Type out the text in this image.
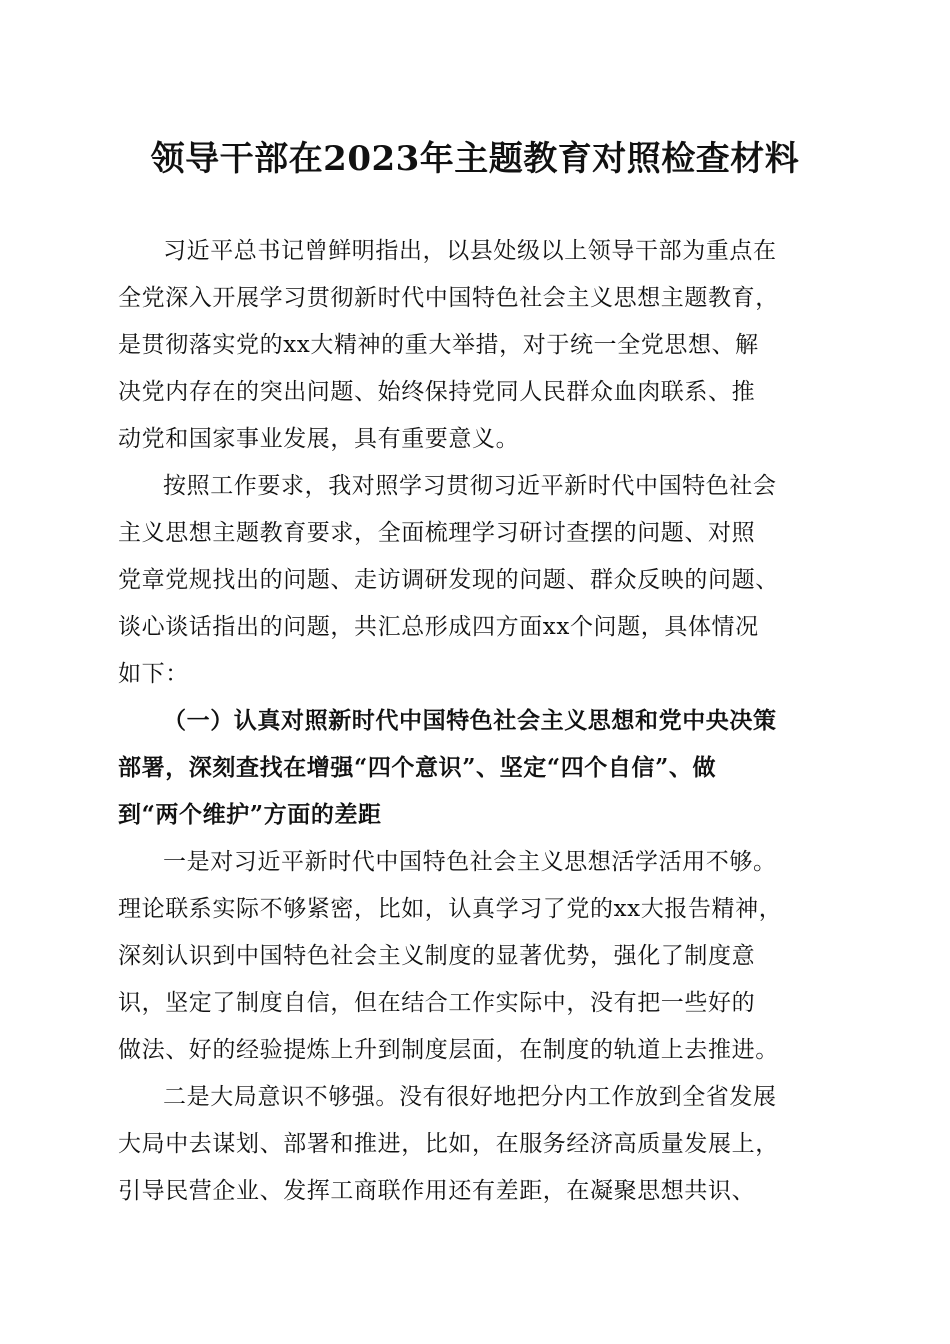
领导干部在2023年主题教育对照检查材料
习近平总书记曾鲜明指出，以县处级以上领导干部为重点在
全党深入开展学习贯彻新时代中国特色社会主义思想主题教育，
是贯彻落实党的xx大精神的重大举措，对于统一全党思想、解
决党内存在的突出问题、始终保持党同人民群众血肉联系、推
动党和国家事业发展，具有重要意义。
按照工作要求，我对照学习贯彻习近平新时代中国特色社会
主义思想主题教育要求，全面梳理学习研讨查摆的问题、对照
党章党规找出的问题、走访调研发现的问题、群众反映的问题、
谈心谈话指出的问题，共汇总形成四方面xx个问题，具体情况
如下：
（一）认真对照新时代中国特色社会主义思想和党中央决策
部署，深刻查找在增强“四个意识”、坚定“四个自信”、做
到“两个维护”方面的差距
一是对习近平新时代中国特色社会主义思想活学活用不够。
理论联系实际不够紧密，比如，认真学习了党的xx大报告精神，
深刻认识到中国特色社会主义制度的显著优势，强化了制度意
识，坚定了制度自信，但在结合工作实际中，没有把一些好的
做法、好的经验提炼上升到制度层面，在制度的轨道上去推进。
二是大局意识不够强。没有很好地把分内工作放到全省发展
大局中去谋划、部署和推进，比如，在服务经济高质量发展上，
引导民营企业、发挥工商联作用还有差距，在凝聚思想共识、
